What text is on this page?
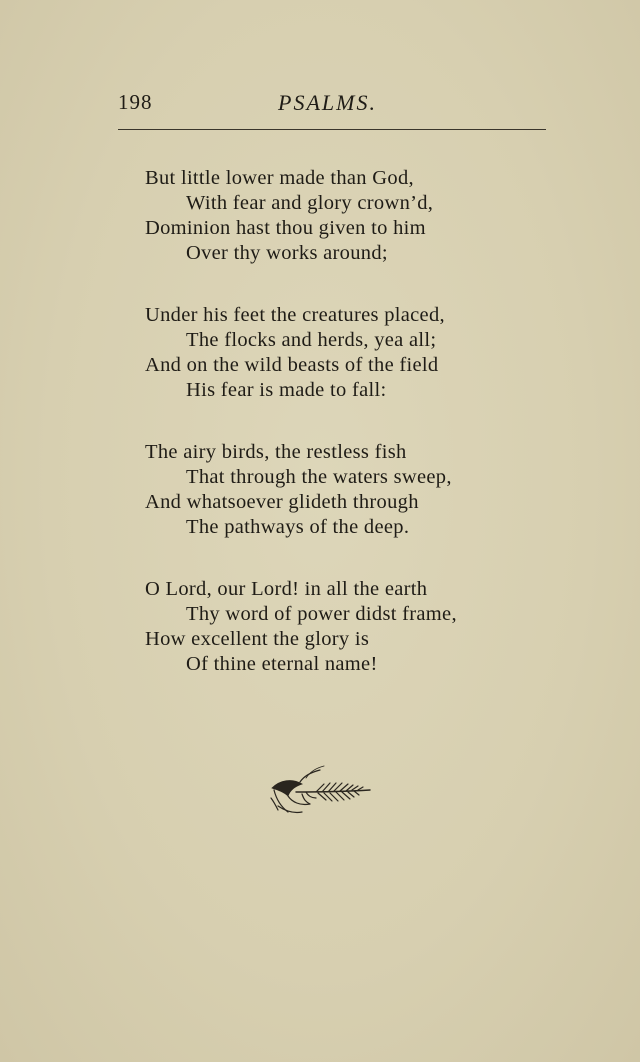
198	PSALMS.
But little lower made than God,
With fear and glory crown’d,
Dominion hast thou given to him
Over thy works around;
Under his feet the creatures placed,
The flocks and herds, yea all;
And on the wild beasts of the field
His fear is made to fall:
The airy birds, the restless fish
That through the waters sweep,
And whatsoever glideth through
The pathways of the deep.
O Lord, our Lord! in all the earth
Thy word of power didst frame,
How excellent the glory is
Of thine eternal name!
